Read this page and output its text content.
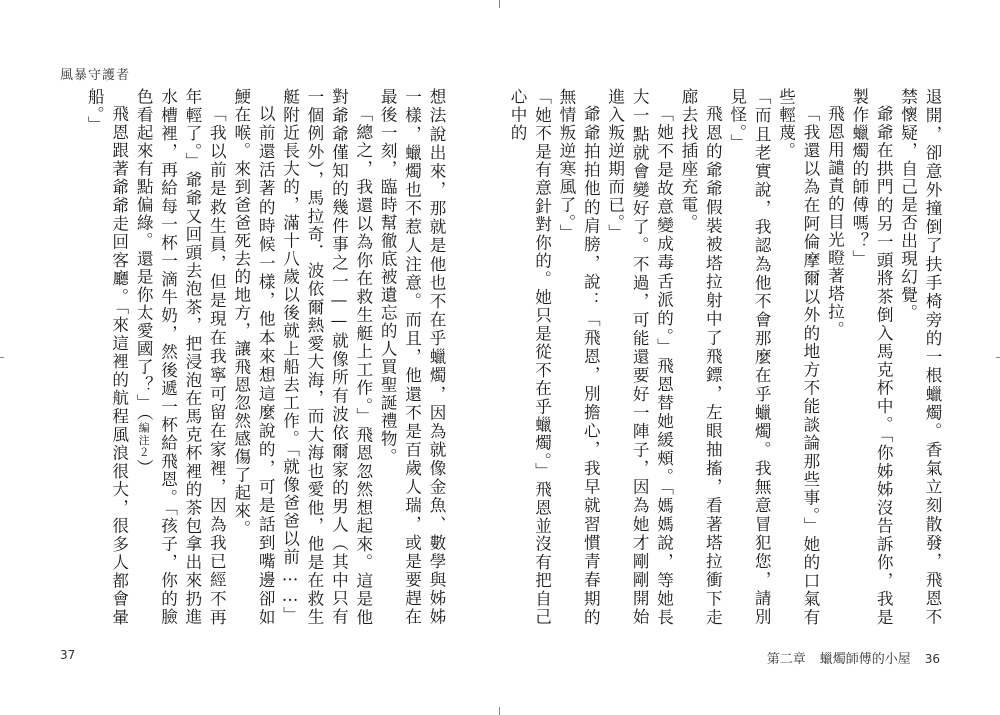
風暴守護者
想法說出來，那就是他也不在乎蠟燭，因為就像金魚、數學與姊姊一樣，蠟燭也不惹人注意。而且，他還不是百歲人瑞，或是要趕在最後一刻，臨時幫徹底被遺忘的人買聖誕禮物。
「總之，我還以為你在救生艇上工作。」飛恩忽然想起來。這是他對爺爺僅知的幾件事之一——就像所有波依爾家的男人（其中只有一個例外），馬拉奇．波依爾熱愛大海，而大海也愛他，他是在救生艇附近長大的，滿十八歲以後就上船去工作。「就像爸爸以前……」
以前還活著的時候一樣，他本來想這麼說的，可是話到嘴邊卻如鯁在喉。來到爸爸死去的地方，讓飛恩忽然感傷了起來。
「我以前是救生員，但是現在我寧可留在家裡，因為我已經不再年輕了。」爺爺又回頭去泡茶，把浸泡在馬克杯裡的茶包拿出來扔進水槽裡，再給每一杯一滴牛奶，然後遞一杯給飛恩。「孩子，你的臉色看起來有點偏綠。還是你太愛國了？」（編注２）
飛恩跟著爺爺走回客廳。「來這裡的航程風浪很大，很多人都會暈船。」
37
退開，卻意外撞倒了扶手椅旁的一根蠟燭。香氣立刻散發，飛恩不禁懷疑，自己是否出現幻覺。
爺爺在拱門的另一頭將茶倒入馬克杯中。「你姊姊沒告訴你，我是製作蠟燭的師傅嗎？」
飛恩用譴責的目光瞪著塔拉。
「我還以為在阿倫摩爾以外的地方不能談論那些事。」她的口氣有些輕蔑。
「而且老實說，我認為他不會那麼在乎蠟燭。我無意冒犯您，請別見怪。」
飛恩的爺爺假裝被塔拉射中了飛鏢，左眼抽搐，看著塔拉衝下走廊去找插座充電。
「她不是故意變成毒舌派的。」飛恩替她緩頰。「媽媽說，等她長大一點就會變好了。不過，可能還要好一陣子，因為她才剛剛開始進入叛逆期而已。」
爺爺拍拍他的肩膀，說：「飛恩，別擔心，我早就習慣青春期的無情叛逆寒風了。」
「她不是有意針對你的。她只是從不在乎蠟燭。」飛恩並沒有把自己心中的
第二章 蠟燭師傅的小屋 36
